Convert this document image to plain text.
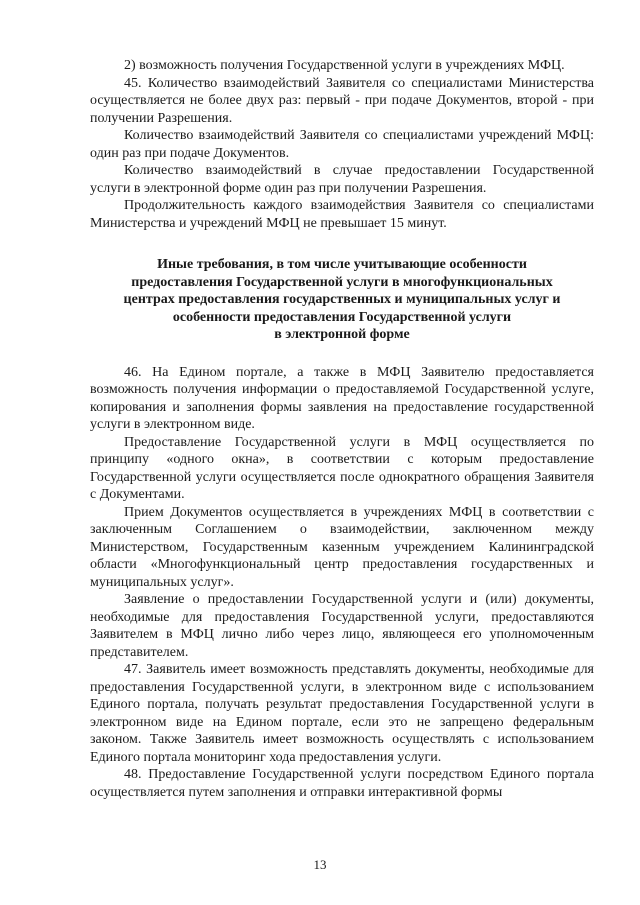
2) возможность получения Государственной услуги в учреждениях МФЦ.

45. Количество взаимодействий Заявителя со специалистами Министерства осуществляется не более двух раз: первый - при подаче Документов, второй - при получении Разрешения.

Количество взаимодействий Заявителя со специалистами учреждений МФЦ: один раз при подаче Документов.

Количество взаимодействий в случае предоставлении Государственной услуги в электронной форме один раз при получении Разрешения.

Продолжительность каждого взаимодействия Заявителя со специалистами Министерства и учреждений МФЦ не превышает 15 минут.

Иные требования, в том числе учитывающие особенности
предоставления Государственной услуги в многофункциональных
центрах предоставления государственных и муниципальных услуг и
особенности предоставления Государственной услуги
в электронной форме

46. На Едином портале, а также в МФЦ Заявителю предоставляется возможность получения информации о предоставляемой Государственной услуге, копирования и заполнения формы заявления на предоставление государственной услуги в электронном виде.

Предоставление Государственной услуги в МФЦ осуществляется по принципу «одного окна», в соответствии с которым предоставление Государственной услуги осуществляется после однократного обращения Заявителя с Документами.

Прием Документов осуществляется в учреждениях МФЦ в соответствии с заключенным Соглашением о взаимодействии, заключенном между Министерством, Государственным казенным учреждением Калининградской области «Многофункциональный центр предоставления государственных и муниципальных услуг».

Заявление о предоставлении Государственной услуги и (или) документы, необходимые для предоставления Государственной услуги, предоставляются Заявителем в МФЦ лично либо через лицо, являющееся его уполномоченным представителем.

47. Заявитель имеет возможность представлять документы, необходимые для предоставления Государственной услуги, в электронном виде с использованием Единого портала, получать результат предоставления Государственной услуги в электронном виде на Едином портале, если это не запрещено федеральным законом. Также Заявитель имеет возможность осуществлять с использованием Единого портала мониторинг хода предоставления услуги.

48. Предоставление Государственной услуги посредством Единого портала осуществляется путем заполнения и отправки интерактивной формы

13
